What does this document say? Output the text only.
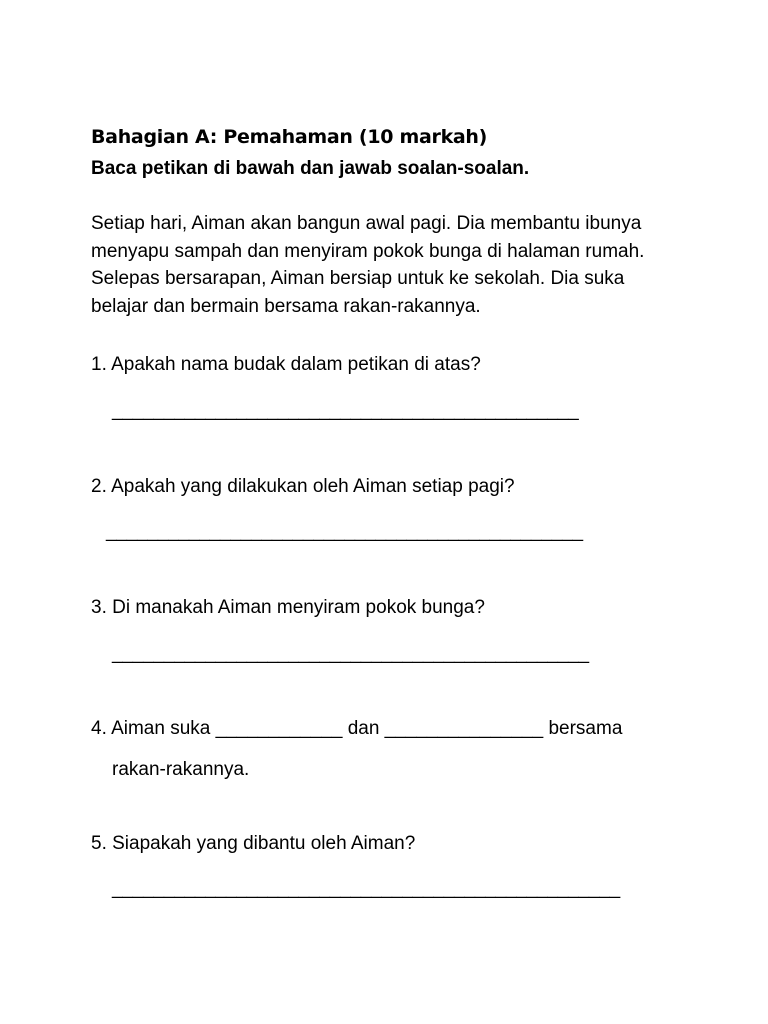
Bahagian A: Pemahaman (10 markah)
Baca petikan di bawah dan jawab soalan-soalan.
Setiap hari, Aiman akan bangun awal pagi. Dia membantu ibunya
menyapu sampah dan menyiram pokok bunga di halaman rumah.
Selepas bersarapan, Aiman bersiap untuk ke sekolah. Dia suka
belajar dan bermain bersama rakan-rakannya.
1. Apakah nama budak dalam petikan di atas?
_____________________________________________
2. Apakah yang dilakukan oleh Aiman setiap pagi?
______________________________________________
3. Di manakah Aiman menyiram pokok bunga?
______________________________________________
4. Aiman suka ____________ dan _______________ bersama
rakan-rakannya.
5. Siapakah yang dibantu oleh Aiman?
_________________________________________________
